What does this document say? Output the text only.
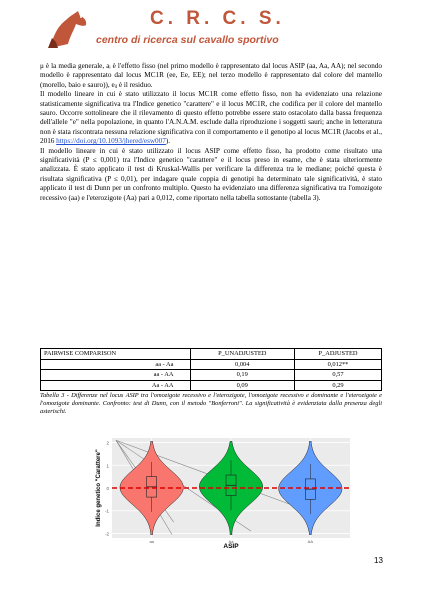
C. R. C. S.
centro di ricerca sul cavallo sportivo

μ è la media generale, aᵢ è l'effetto fisso (nel primo modello è rappresentato dal locus ASIP (aa, Aa, AA); nel secondo modello è rappresentato dal locus MC1R (ee, Ee, EE); nel terzo modello è rappresentato dal colore del mantello (morello, baio e sauro)), eᵢⱼ è il residuo.

Il modello lineare in cui è stato utilizzato il locus MC1R come effetto fisso, non ha evidenziato una relazione statisticamente significativa tra l'Indice genetico "carattere" e il locus MC1R, che codifica per il colore del mantello sauro. Occorre sottolineare che il rilevamento di questo effetto potrebbe essere stato ostacolato dalla bassa frequenza dell'allele "e" nella popolazione, in quanto l'A.N.A.M. esclude dalla riproduzione i soggetti sauri; anche in letteratura non è stata riscontrata nessuna relazione significativa con il comportamento e il genotipo al locus MC1R (Jacobs et al., 2016 https://doi.org/10.1093/jhered/esw007).

Il modello lineare in cui è stato utilizzato il locus ASIP come effetto fisso, ha prodotto come risultato una significatività (P ≤ 0,001) tra l'Indice genetico "carattere" e il locus preso in esame, che è stata ulteriormente analizzata. È stato applicato il test di Kruskal-Wallis per verificare la differenza tra le mediane; poiché questa è risultata significativa (P ≤ 0,01), per indagare quale coppia di genotipi ha determinato tale significatività, è stato applicato il test di Dunn per un confronto multiplo. Questo ha evidenziato una differenza significativa tra l'omozigote recessivo (aa) e l'eterozigote (Aa) pari a 0,012, come riportato nella tabella sottostante (tabella 3).

PAIRWISE COMPARISON	P_UNADJUSTED	P_ADJUSTED
aa - Aa	0,004	0,012**
aa - AA	0,19	0,57
Aa - AA	0,09	0,29
Tabella 3 - Differenze nel locus ASIP tra l'omozigote recessivo e l'eterozigote, l'omozigote recessivo e dominante e l'eterozigote e l'omozigote dominante. Confronto: test di Dunn, con il metodo "Bonferroni". La significatività è evidenziata dalla presenza degli asterischi.
2
1
0
-1
-2
aa	Aa	AA
Indice genetico "Carattere"
ASIP
13
